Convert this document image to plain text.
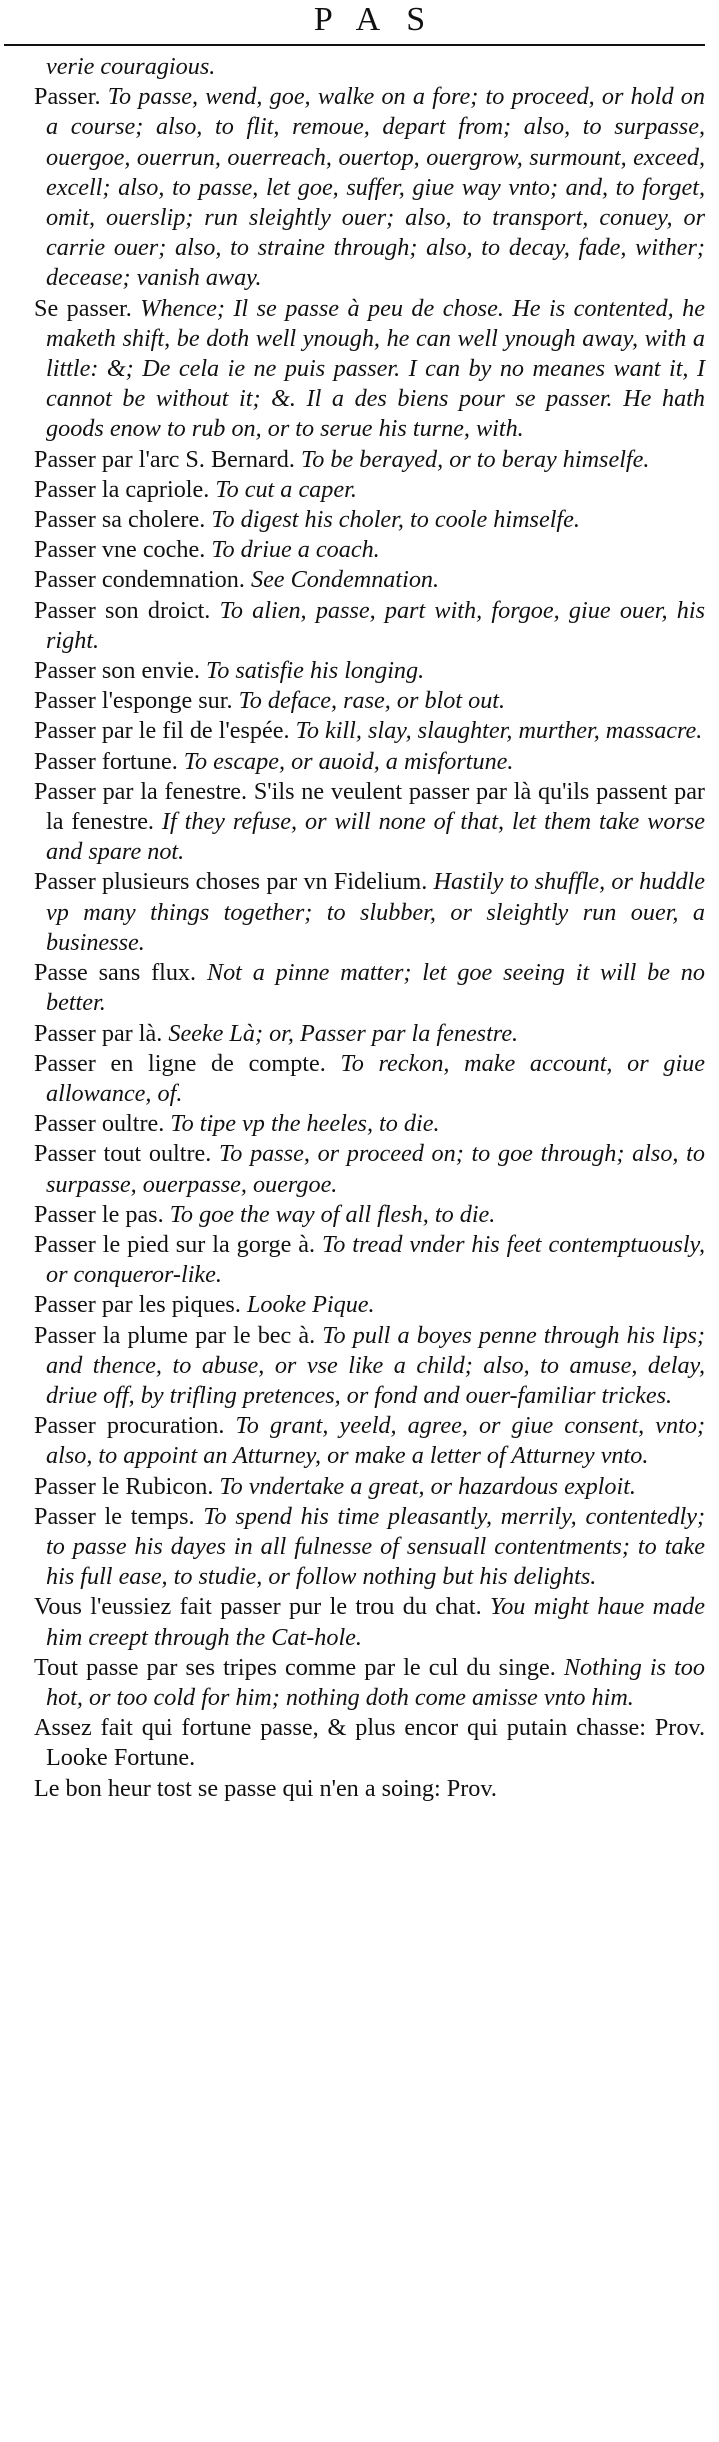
PAS

verie couragious.

Passer. To passe, wend, goe, walke on a fore; to proceed, or hold on a course; also, to flit, remoue, depart from; also, to surpasse, ouergoe, ouerrun, ouerreach, ouertop, ouergrow, surmount, exceed, excell; also, to passe, let goe, suffer, giue way vnto; and, to forget, omit, ouerslip; run sleightly ouer; also, to transport, conuey, or carrie ouer; also, to straine through; also, to decay, fade, wither; decease; vanish away.

Se passer. Whence; Il se passe à peu de chose. He is contented, he maketh shift, be doth well ynough, he can well ynough away, with a little: &; De cela ie ne puis passer. I can by no meanes want it, I cannot be without it; &. Il a des biens pour se passer. He hath goods enow to rub on, or to serue his turne, with.

Passer par l'arc S. Bernard. To be berayed, or to beray himselfe.

Passer la capriole. To cut a caper.

Passer sa cholere. To digest his choler, to coole himselfe.

Passer vne coche. To driue a coach.

Passer condemnation. See Condemnation.

Passer son droict. To alien, passe, part with, forgoe, giue ouer, his right.

Passer son envie. To satisfie his longing.

Passer l'esponge sur. To deface, rase, or blot out.

Passer par le fil de l'espée. To kill, slay, slaughter, murther, massacre.

Passer fortune. To escape, or auoid, a misfortune.

Passer par la fenestre. S'ils ne veulent passer par là qu'ils passent par la fenestre. If they refuse, or will none of that, let them take worse and spare not.

Passer plusieurs choses par vn Fidelium. Hastily to shuffle, or huddle vp many things together; to slubber, or sleightly run ouer, a businesse.

Passe sans flux. Not a pinne matter; let goe seeing it will be no better.

Passer par là. Seeke Là; or, Passer par la fenestre.

Passer en ligne de compte. To reckon, make account, or giue allowance, of.

Passer oultre. To tipe vp the heeles, to die.

Passer tout oultre. To passe, or proceed on; to goe through; also, to surpasse, ouerpasse, ouergoe.

Passer le pas. To goe the way of all flesh, to die.

Passer le pied sur la gorge à. To tread vnder his feet contemptuously, or conqueror-like.

Passer par les piques. Looke Pique.

Passer la plume par le bec à. To pull a boyes penne through his lips; and thence, to abuse, or vse like a child; also, to amuse, delay, driue off, by trifling pretences, or fond and ouer-familiar trickes.

Passer procuration. To grant, yeeld, agree, or giue consent, vnto; also, to appoint an Atturney, or make a letter of Atturney vnto.

Passer le Rubicon. To vndertake a great, or hazardous exploit.

Passer le temps. To spend his time pleasantly, merrily, contentedly; to passe his dayes in all fulnesse of sensuall contentments; to take his full ease, to studie, or follow nothing but his delights.

Vous l'eussiez fait passer pur le trou du chat. You might haue made him creept through the Cat-hole.

Tout passe par ses tripes comme par le cul du singe. Nothing is too hot, or too cold for him; nothing doth come amisse vnto him.

Assez fait qui fortune passe, & plus encor qui putain chasse: Prov. Looke Fortune.

Le bon heur tost se passe qui n'en a soing: Prov.
